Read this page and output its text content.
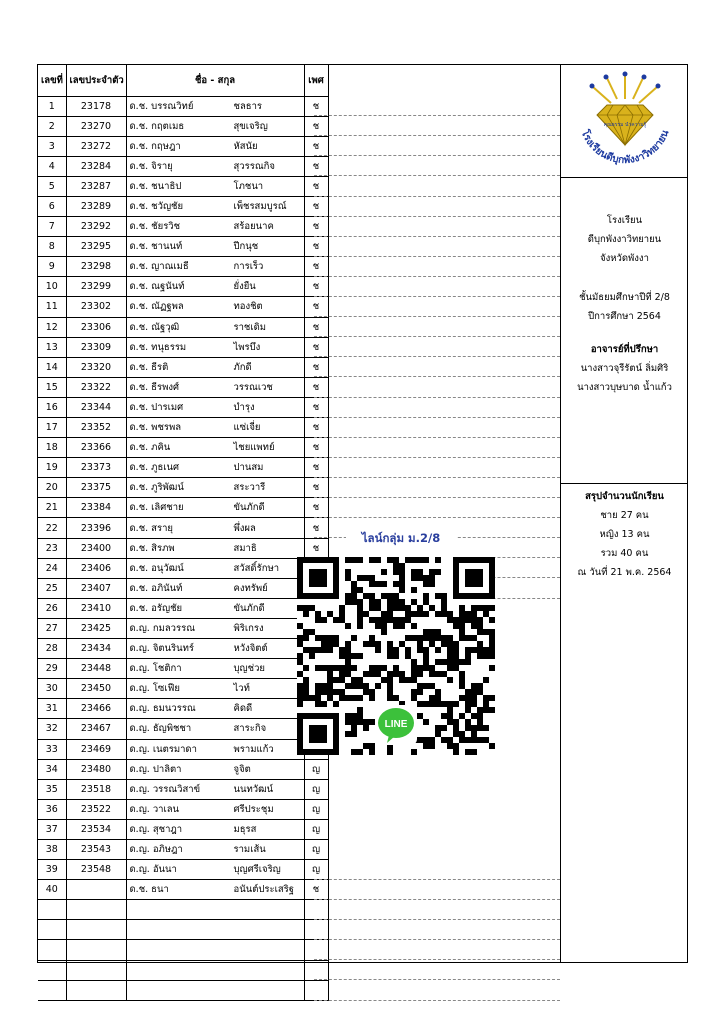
เลขที่	เลขประจำตัว	ชื่อ - สกุล	เพศ
1	23178	ด.ช. บรรณวิทย์ ชลธาร	ช
2	23270	ด.ช. กฤตเมธ สุขเจริญ	ช
3	23272	ด.ช. กฤษฎา หัสนัย	ช
4	23284	ด.ช. จิรายุ สุวรรณกิจ	ช
5	23287	ด.ช. ชนาธิป โภชนา	ช
6	23289	ด.ช. ชวัญชัย เพ็ชรสมบูรณ์	ช
7	23292	ด.ช. ชัยรวิช สร้อยนาค	ช
8	23295	ด.ช. ชานนท์ ปีกนุช	ช
9	23298	ด.ช. ญาณเมธี การเร็ว	ช
10	23299	ด.ช. ณฐนันท์ ยั่งยืน	ช
11	23302	ด.ช. ณัฏฐพล ทองชิต	ช
12	23306	ด.ช. ณัฐวุฒิ ราชเดิม	ช
13	23309	ด.ช. ทนุธรรม ไพรบึง	ช
14	23320	ด.ช. ธีรติ ภักดี	ช
15	23322	ด.ช. ธีรพงศ์ วรรณเวช	ช
16	23344	ด.ช. ปารเมศ บำรุง	ช
17	23352	ด.ช. พชรพล แซ่เจี่ย	ช
18	23366	ด.ช. ภคิน ไชยแพทย์	ช
19	23373	ด.ช. ภูธเนศ ปานสม	ช
20	23375	ด.ช. ภูริพัฒน์ สระวารี	ช
21	23384	ด.ช. เลิศชาย ขันภักดี	ช
22	23396	ด.ช. สรายุ พึ่งผล	ช
23	23400	ด.ช. สิรภพ สมาธิ	ช
24	23406	ด.ช. อนุวัฒน์ สวัสดิ์รักษา

25	23407	ด.ช. อภินันท์ คงทรัพย์

26	23410	ด.ช. อรัญชัย ขันภักดี

27	23425	ด.ญ. กมลวรรณ พิริเกรง

28	23434	ด.ญ. จิตนรินทร์ หวังจิตต์

29	23448	ด.ญ. โชติกา บุญช่วย

30	23450	ด.ญ. โซเฟีย ไวท์

31	23466	ด.ญ. ธมนวรรณ คิดดี

32	23467	ด.ญ. ธัญพิชชา สาระกิจ

33	23469	ด.ญ. เนตรมาดา พรามแก้ว

34	23480	ด.ญ. ปาลิตา จูจิต	ญ
35	23518	ด.ญ. วรรณวิสาข์ นนทวัฒน์	ญ
36	23522	ด.ญ. วาเลน ศรีประชุม	ญ
37	23534	ด.ญ. สุชาฎา มธุรส	ญ
38	23543	ด.ญ. อภิษฎา รามเส้น	ญ
39	23548	ด.ญ. อันนา บุญศรีเจริญ	ญ
40		ด.ช. ธนา อนันต์ประเสริฐ	ช

คุณธรรม นำความรู้
โรงเรียนดีบุกพังงาวิทยายน
โรงเรียน
ดีบุกพังงาวิทยายน
จังหวัดพังงา
ชั้นมัธยมศึกษาปีที่ 2/8
ปีการศึกษา 2564
อาจารย์ที่ปรึกษา
นางสาวจุรีรัตน์ ลิ่มศิริ
นางสาวบุษบาด น้ำแก้ว
สรุปจำนวนนักเรียน
ชาย 27 คน
หญิง 13 คน
รวม 40 คน
ณ วันที่ 21 พ.ค. 2564
ไลน์กลุ่ม ม.2/8
LINE
